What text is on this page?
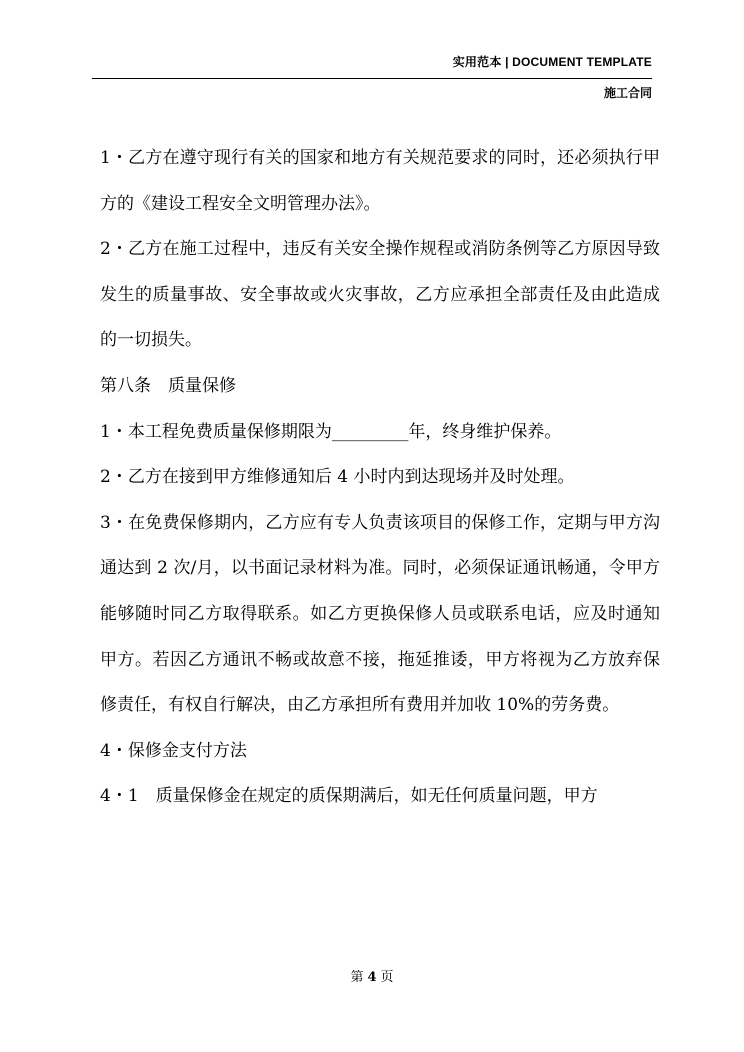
实用范本 | DOCUMENT TEMPLATE
施工合同

1・乙方在遵守现行有关的国家和地方有关规范要求的同时，还必须执行甲方的《建设工程安全文明管理办法》。

2・乙方在施工过程中，违反有关安全操作规程或消防条例等乙方原因导致发生的质量事故、安全事故或火灾事故，乙方应承担全部责任及由此造成的一切损失。

第八条　质量保修

1・本工程免费质量保修期限为_________年，终身维护保养。

2・乙方在接到甲方维修通知后 4 小时内到达现场并及时处理。

3・在免费保修期内，乙方应有专人负责该项目的保修工作，定期与甲方沟通达到 2 次/月，以书面记录材料为准。同时，必须保证通讯畅通，令甲方能够随时同乙方取得联系。如乙方更换保修人员或联系电话，应及时通知甲方。若因乙方通讯不畅或故意不接，拖延推诿，甲方将视为乙方放弃保修责任，有权自行解决，由乙方承担所有费用并加收 10%的劳务费。

4・保修金支付方法

4・1　质量保修金在规定的质保期满后，如无任何质量问题，甲方

第 4 页
